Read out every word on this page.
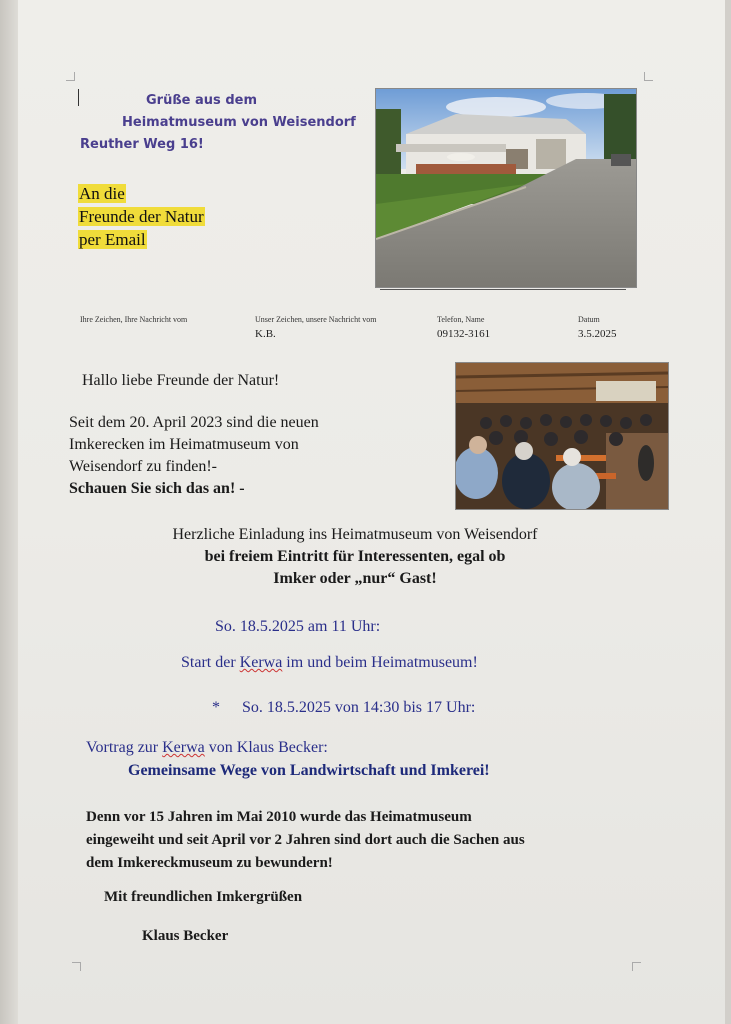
Grüße aus dem
Heimatmuseum von Weisendorf
Reuther Weg 16!
An die
Freunde der Natur
per Email
Ihre Zeichen, Ihre Nachricht vom	Unser Zeichen, unsere Nachricht vom
K.B.
Telefon, Name
09132-3161
Datum
3.5.2025
Hallo liebe Freunde der Natur!
Seit dem 20. April 2023 sind die neuen
Imkerecken im Heimatmuseum von
Weisendorf zu finden!-
Schauen Sie sich das an! -
Herzliche Einladung ins Heimatmuseum von Weisendorf
bei freiem Eintritt für Interessenten, egal ob
Imker oder „nur“ Gast!
So. 18.5.2025 am 11 Uhr:
Start der Kerwa im und beim Heimatmuseum!
* So. 18.5.2025 von 14:30 bis 17 Uhr:
Vortrag zur Kerwa von Klaus Becker:
Gemeinsame Wege von Landwirtschaft und Imkerei!
Denn vor 15 Jahren im Mai 2010 wurde das Heimatmuseum
eingeweiht und seit April vor 2 Jahren sind dort auch die Sachen aus
dem Imkereckmuseum zu bewundern!
Mit freundlichen Imkergrüßen
Klaus Becker
